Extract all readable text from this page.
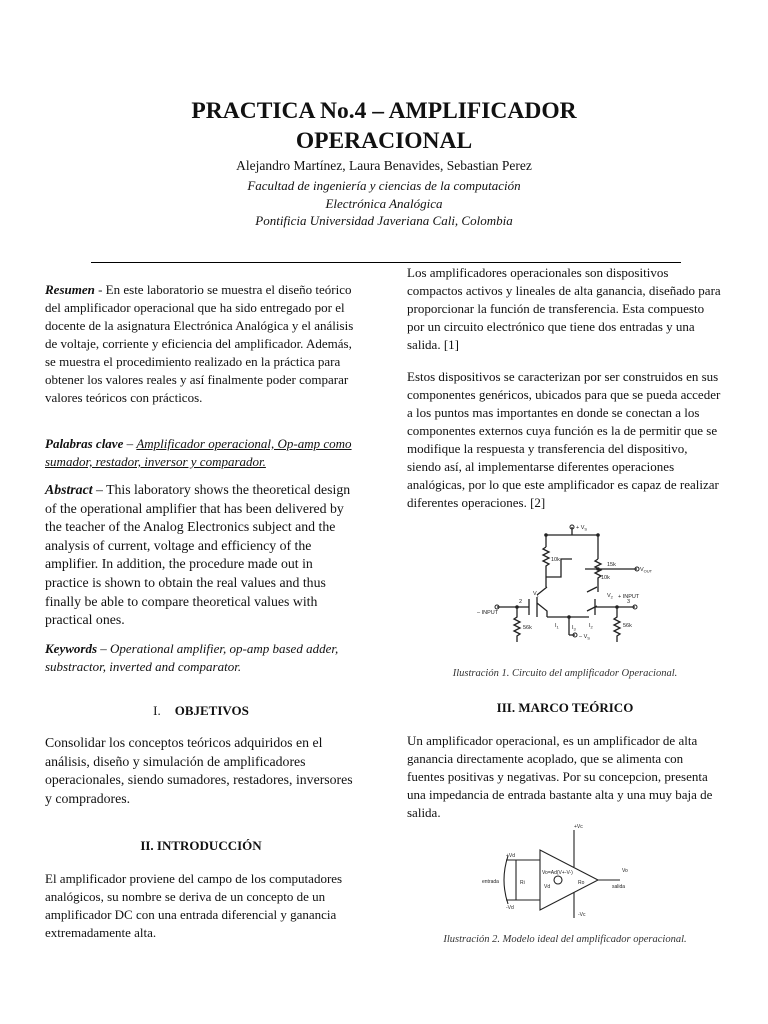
PRACTICA No.4 – AMPLIFICADOR
OPERACIONAL
Alejandro Martínez, Laura Benavides, Sebastian Perez
Facultad de ingeniería y ciencias de la computación
Electrónica Analógica
Pontificia Universidad Javeriana Cali, Colombia

Resumen - En este laboratorio se muestra el diseño teórico del amplificador operacional que ha sido entregado por el docente de la asignatura Electrónica Analógica y el análisis de voltaje, corriente y eficiencia del amplificador. Además, se muestra el procedimiento realizado en la práctica para obtener los valores reales y así finalmente poder comparar valores teóricos con prácticos.

Palabras clave – Amplificador operacional, Op-amp como sumador, restador, inversor y comparador.

Abstract – This laboratory shows the theoretical design of the operational amplifier that has been delivered by the teacher of the Analog Electronics subject and the analysis of current, voltage and efficiency of the amplifier. In addition, the procedure made out in practice is shown to obtain the real values and thus finally be able to compare theoretical values with practical ones.

Keywords – Operational amplifier, op-amp based adder, substractor, inverted and comparator.

I. OBJETIVOS

Consolidar los conceptos teóricos adquiridos en el análisis, diseño y simulación de amplificadores operacionales, siendo sumadores, restadores, inversores y compradores.

II. INTRODUCCIÓN

El amplificador proviene del campo de los computadores analógicos, su nombre se deriva de un concepto de un amplificador DC con una entrada diferencial y ganancia extremadamente alta.

Los amplificadores operacionales son dispositivos compactos activos y lineales de alta ganancia, diseñado para proporcionar la función de transferencia. Esta compuesto por un circuito electrónico que tiene dos entradas y una salida. [1]

Estos dispositivos se caracterizan por ser construidos en sus componentes genéricos, ubicados para que se pueda acceder a los puntos mas importantes en donde se conectan a los componentes externos cuya función es la de permitir que se modifique la respuesta y transferencia del dispositivo, siendo así, al implementarse diferentes operaciones analógicas, por lo que este amplificador es capaz de realizar diferentes operaciones. [2]

+ $V_S$
10k
10k
15k
$V_{OUT}$
– INPUT
+ INPUT
$V_1$	$V_2$
$I_1$	$I_2$
$I_3$
2	3
56k	56k
– $V_S$
Ilustración 1. Circuito del amplificador Operacional.
III. MARCO TEÓRICO

Un amplificador operacional, es un amplificador de alta ganancia directamente acoplado, que se alimenta con fuentes positivas y negativas. Por su concepcion, presenta una impedancia de entrada bastante alta y una muy baja de salida.

+Vc
+Vd
entrada
Vo
salida
-Vc
-Vd
Ri	Ro
Vd
Vo=Ad(V+-V-)
Ilustración 2. Modelo ideal del amplificador operacional.
